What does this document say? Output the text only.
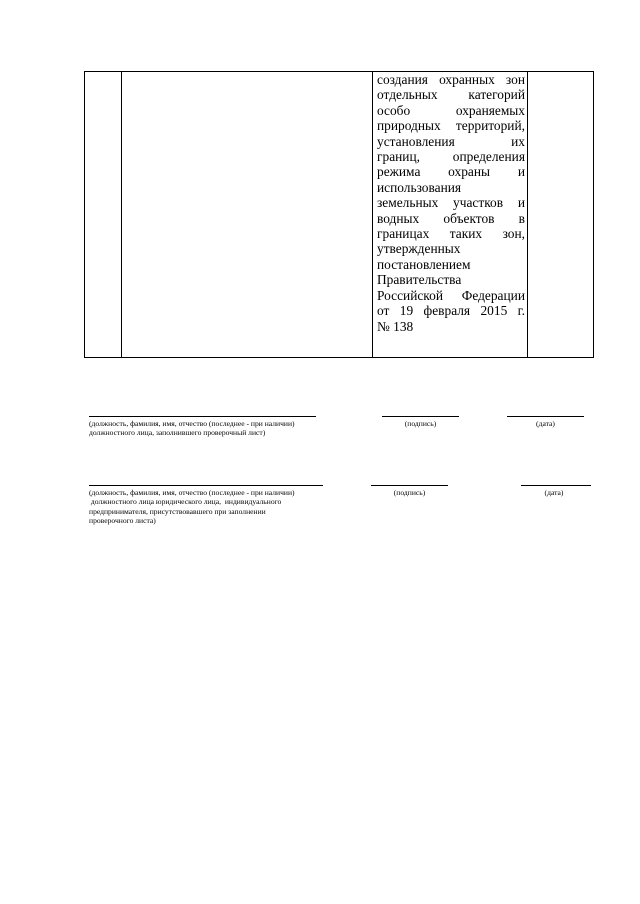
создания охранных зон
отдельных категорий
особо охраняемых
природных территорий,
установления их
границ, определения
режима охраны и
использования
земельных участков и
водных объектов в
границах таких зон,
утвержденных
постановлением
Правительства
Российской Федерации
от 19 февраля 2015 г.
№ 138
(должность, фамилия, имя, отчество (последнее - при наличии)
должностного лица, заполнившего проверочный лист)
(подпись)	(дата)
(должность, фамилия, имя, отчество (последнее - при наличии)
должностного лица юридического лица,  индивидуального
предпринимателя, присутствовавшего при заполнении
проверочного листа)
(подпись)	(дата)
